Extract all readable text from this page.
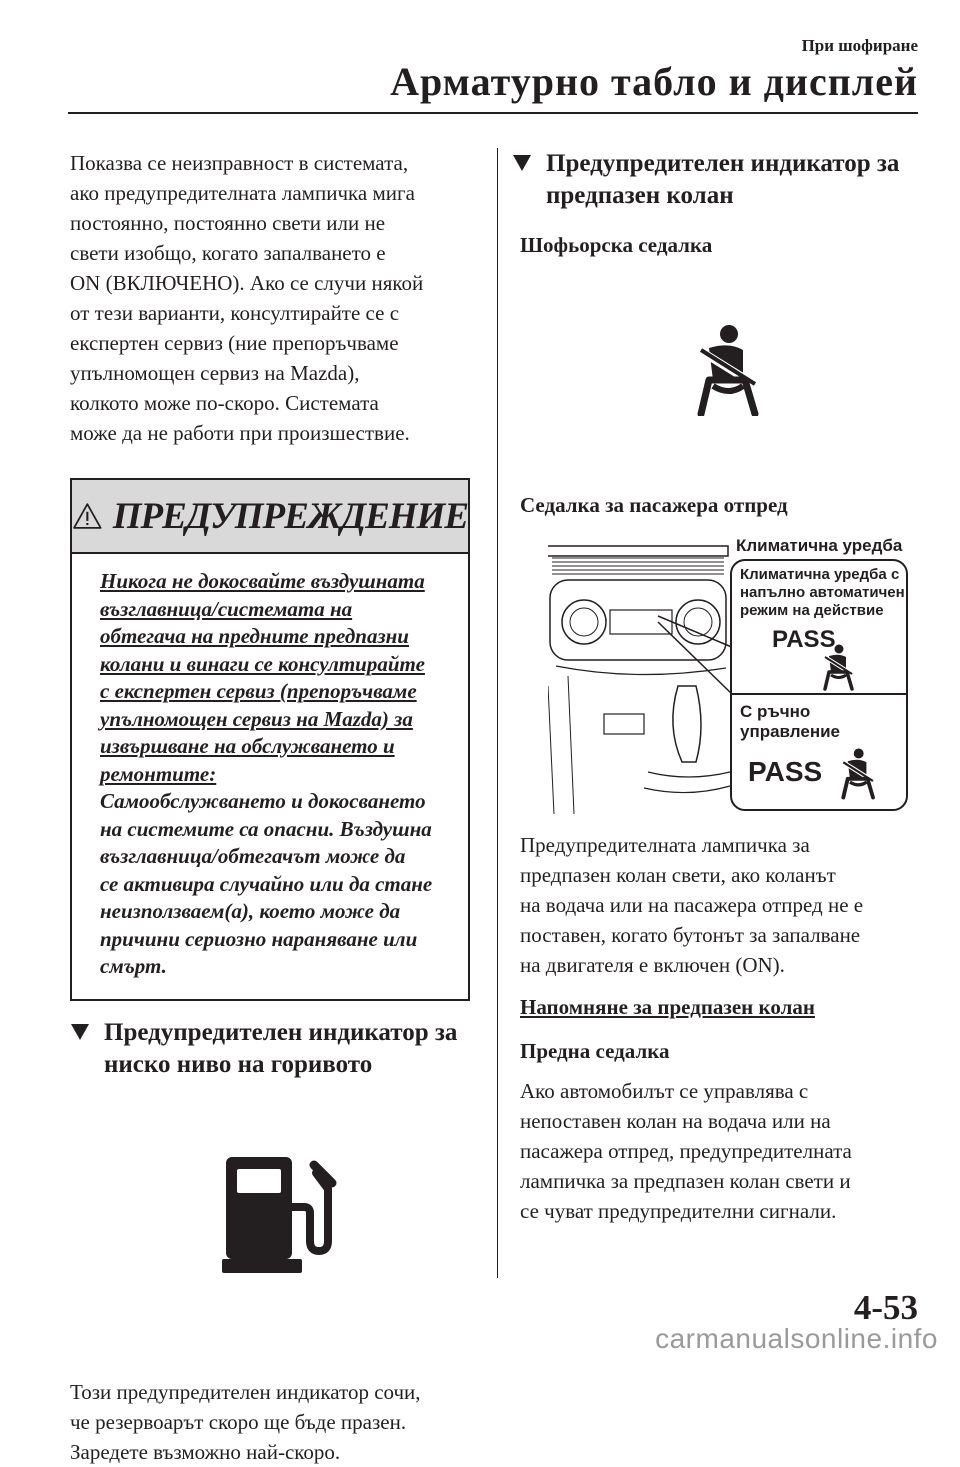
При шофиране
Арматурно табло и дисплей

Показва се неизправност в системата,

ако предупредителната лампичка мига

постоянно, постоянно свети или не

свети изобщо, когато запалването е

ON (ВКЛЮЧЕНО). Ако се случи някой

от тези варианти, консултирайте се с

експертен сервиз (ние препоръчваме

упълномощен сервиз на Mazda),

колкото може по-скоро. Системата

може да не работи при произшествие.

ПРЕДУПРЕЖДЕНИЕ

Никога не докосвайте въздушната

възглавница/системата на

обтегача на предните предпазни

колани и винаги се консултирайте

с експертен сервиз (препоръчваме

упълномощен сервиз на Mazda) за

извършване на обслужването и

ремонтите:

Самообслужването и докосването

на системите са опасни. Въздушна

възглавница/обтегачът може да

се активира случайно или да стане

неизползваем(а), което може да

причини сериозно нараняване или

смърт.

Предупредителен индикатор за
ниско ниво на горивото

Този предупредителен индикатор сочи,

че резервоарът скоро ще бъде празен.

Заредете възможно най-скоро.

Предупредителен индикатор за
предпазен колан

Шофьорска седалка

Седалка за пасажера отпред

Климатична уредба
Климатична уредба с
напълно автоматичен
режим на действие
PASS
С ръчно
управление
PASS

Предупредителната лампичка за

предпазен колан свети, ако коланът

на водача или на пасажера отпред не е

поставен, когато бутонът за запалване

на двигателя е включен (ON).

Напомняне за предпазен колан

Предна седалка

Ако автомобилът се управлява с

непоставен колан на водача или на

пасажера отпред, предупредителната

лампичка за предпазен колан свети и

се чуват предупредителни сигнали.

4-53
carmanualsonline.info
